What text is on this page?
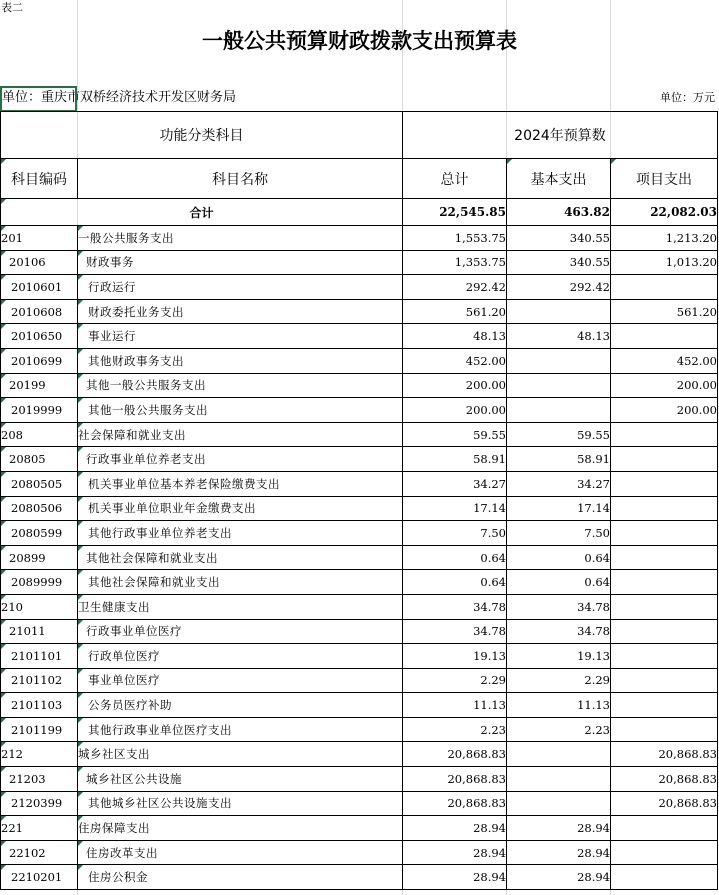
表二
一般公共预算财政拨款支出预算表
单位：重庆市双桥经济技术开发区财务局	单位：万元
功能分类科目		2024年预算数		
科目编码	科目名称	总计	基本支出	项目支出
合计		22,545.85	463.82	22,082.03
201	一般公共服务支出	1,553.75	340.55	1,213.20
20106	财政事务	1,353.75	340.55	1,013.20
2010601	行政运行	292.42	292.42	
2010608	财政委托业务支出	561.20		561.20
2010650	事业运行	48.13	48.13	
2010699	其他财政事务支出	452.00		452.00
20199	其他一般公共服务支出	200.00		200.00
2019999	其他一般公共服务支出	200.00		200.00
208	社会保障和就业支出	59.55	59.55	
20805	行政事业单位养老支出	58.91	58.91	
2080505	机关事业单位基本养老保险缴费支出	34.27	34.27	
2080506	机关事业单位职业年金缴费支出	17.14	17.14	
2080599	其他行政事业单位养老支出	7.50	7.50	
20899	其他社会保障和就业支出	0.64	0.64	
2089999	其他社会保障和就业支出	0.64	0.64	
210	卫生健康支出	34.78	34.78	
21011	行政事业单位医疗	34.78	34.78	
2101101	行政单位医疗	19.13	19.13	
2101102	事业单位医疗	2.29	2.29	
2101103	公务员医疗补助	11.13	11.13	
2101199	其他行政事业单位医疗支出	2.23	2.23	
212	城乡社区支出	20,868.83		20,868.83
21203	城乡社区公共设施	20,868.83		20,868.83
2120399	其他城乡社区公共设施支出	20,868.83		20,868.83
221	住房保障支出	28.94	28.94	
22102	住房改革支出	28.94	28.94	
2210201	住房公积金	28.94	28.94	
